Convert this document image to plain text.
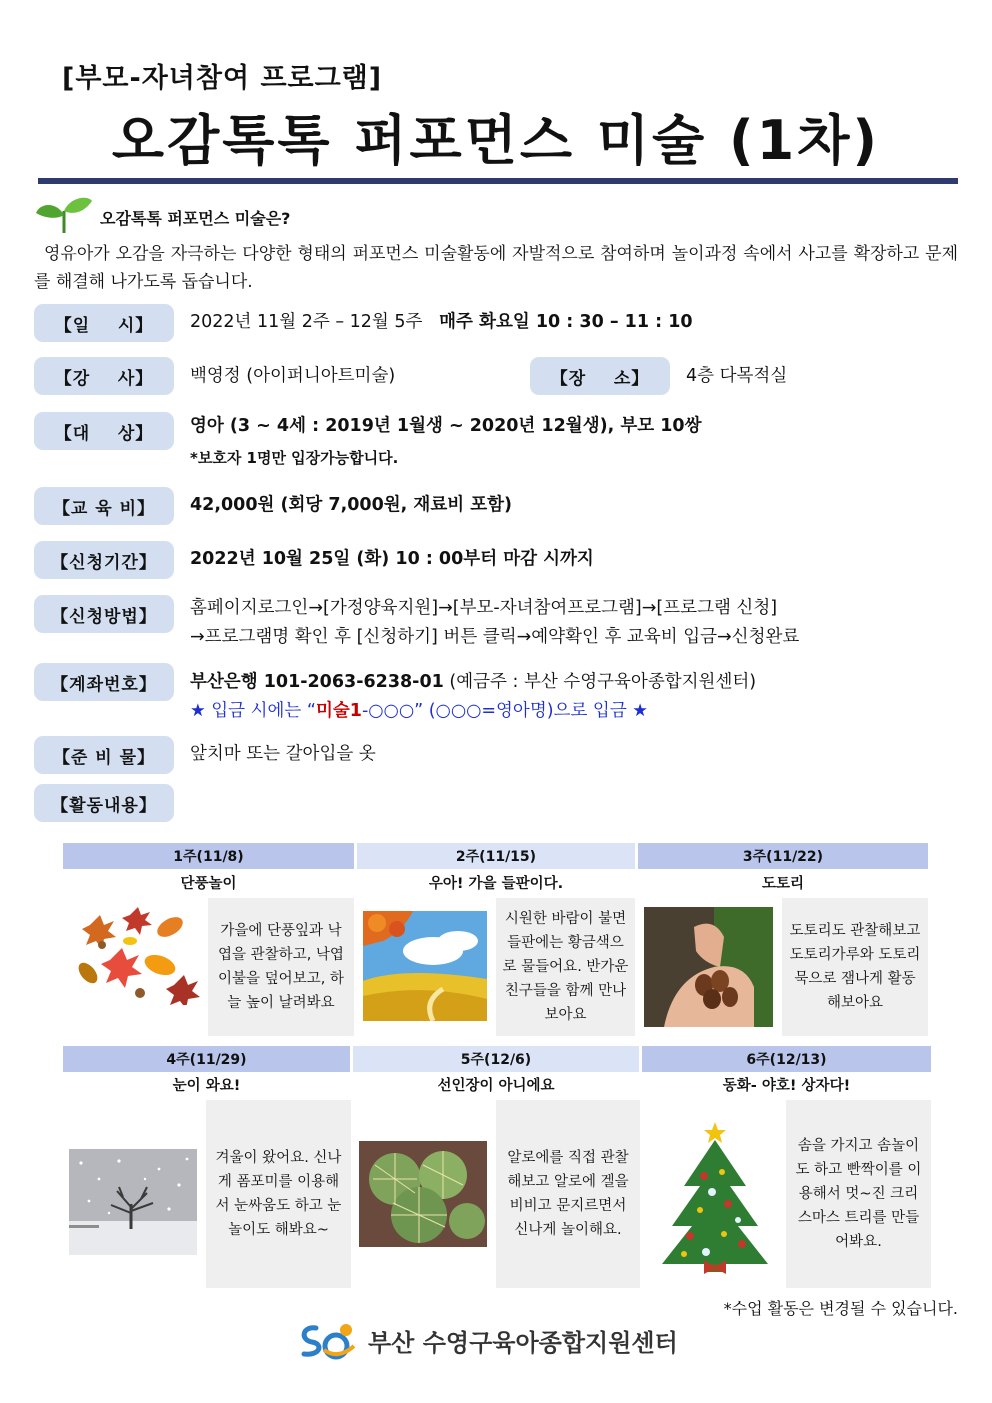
[부모-자녀참여 프로그램]
오감톡톡 퍼포먼스 미술 (1차)
오감톡톡 퍼포먼스 미술은?
영유아가 오감을 자극하는 다양한 형태의 퍼포먼스 미술활동에 자발적으로 참여하며 놀이과정 속에서 사고를 확장하고 문제를 해결해 나가도록 돕습니다.
【일    시】	2022년 11월 2주 – 12월 5주 매주 화요일 10 : 30 – 11 : 10
【강    사】	백영정 (아이퍼니아트미술)	【장    소】	4층 다목적실
【대    상】	영아 (3 ~ 4세 : 2019년 1월생 ~ 2020년 12월생), 부모 10쌍
*보호자 1명만 입장가능합니다.
【교 육 비】	42,000원 (회당 7,000원, 재료비 포함)
【신청기간】	2022년 10월 25일 (화) 10 : 00부터 마감 시까지
【신청방법】	홈페이지로그인→[가정양육지원]→[부모-자녀참여프로그램]→[프로그램 신청]
→프로그램명 확인 후 [신청하기] 버튼 클릭→예약확인 후 교육비 입금→신청완료
【계좌번호】	부산은행 101-2063-6238-01 (예금주 : 부산 수영구육아종합지원센터)
★ 입금 시에는 “미술1-○○○” (○○○=영아명)으로 입금 ★
【준 비 물】	앞치마 또는 갈아입을 옷
【활동내용】
1주(11/8)	2주(11/15)	3주(11/22)
단풍놀이	우아! 가을 들판이다.	도토리
가을에 단풍잎과 낙엽을 관찰하고, 낙엽이불을 덮어보고, 하늘 높이 날려봐요
시원한 바람이 불면 들판에는 황금색으로 물들어요. 반가운 친구들을 함께 만나보아요
도토리도 관찰해보고 도토리가루와 도토리묵으로 잼나게 활동해보아요
4주(11/29)	5주(12/6)	6주(12/13)
눈이 와요!	선인장이 아니에요	동화- 야호! 상자다!
겨울이 왔어요. 신나게 폼포미를 이용해서 눈싸움도 하고 눈놀이도 해봐요~
알로에를 직접 관찰해보고 알로에 겔을 비비고 문지르면서 신나게 놀이해요.
솜을 가지고 솜놀이도 하고 빤짝이를 이용해서 멋~진 크리스마스 트리를 만들어봐요.
*수업 활동은 변경될 수 있습니다.
부산 수영구육아종합지원센터
